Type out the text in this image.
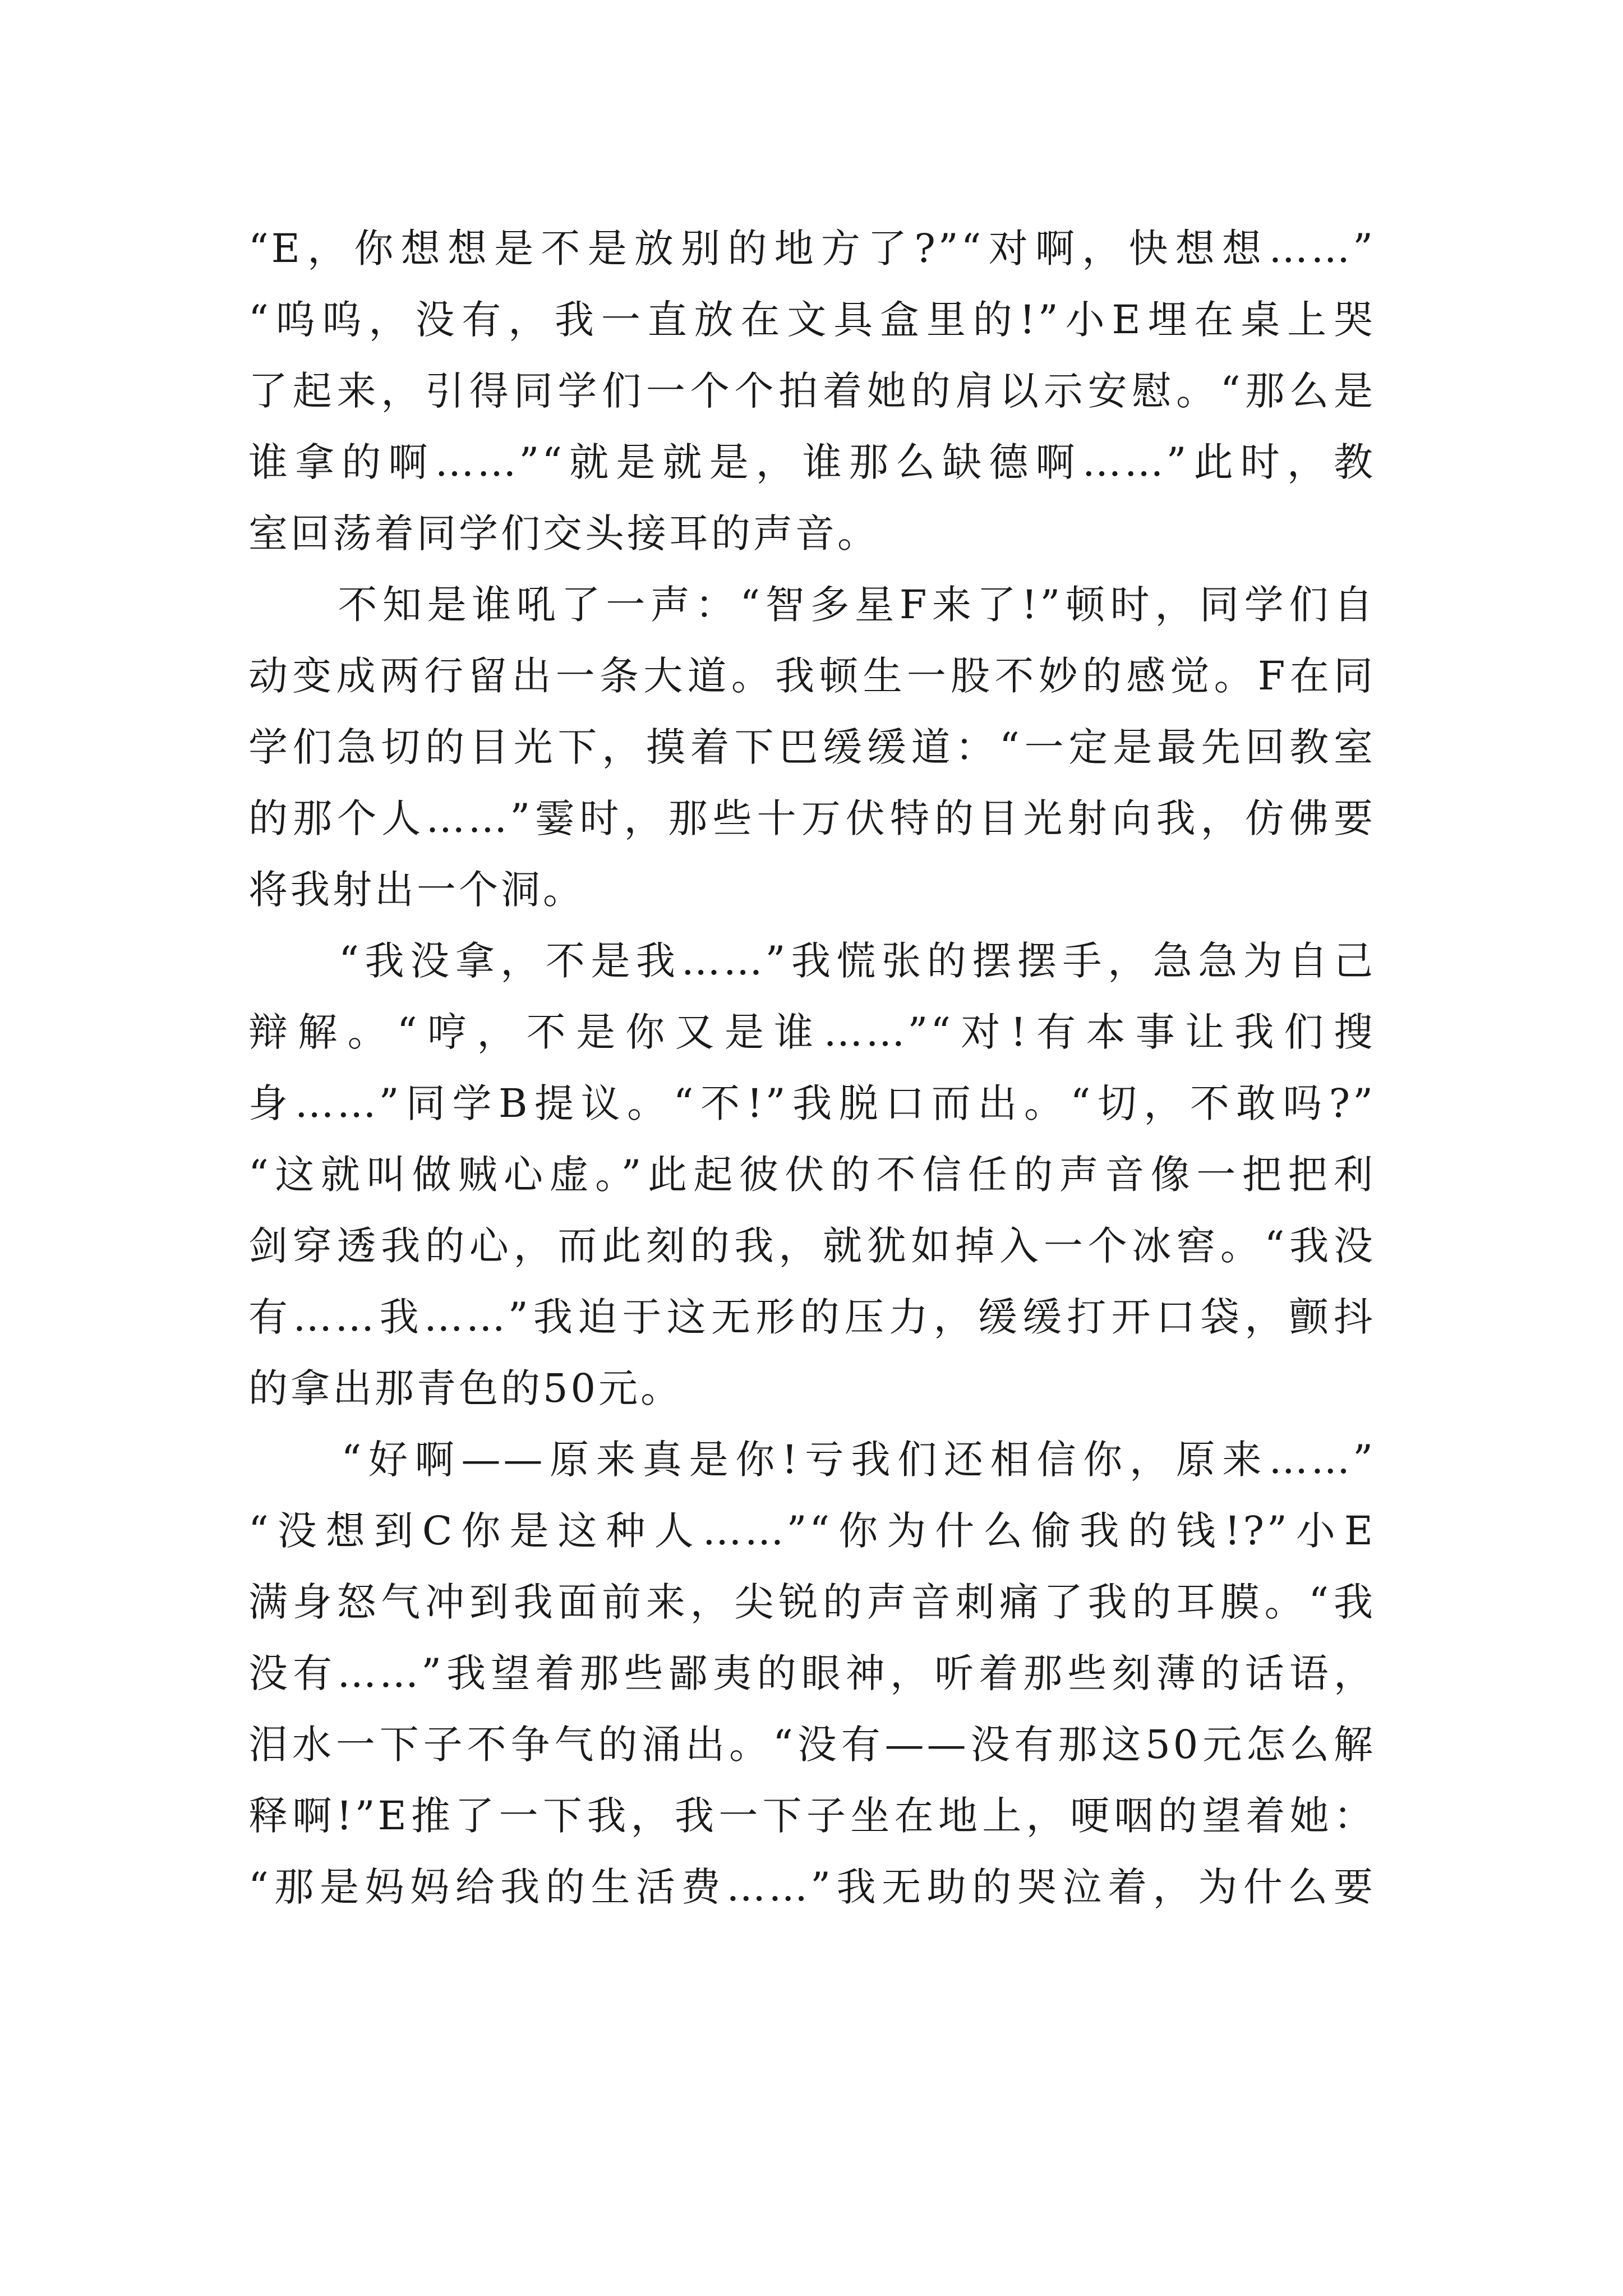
“E，你想想是不是放别的地方了?”“对啊，快想想……”
“呜呜，没有，我一直放在文具盒里的!”小E埋在桌上哭
了起来，引得同学们一个个拍着她的肩以示安慰。“那么是
谁拿的啊……”“就是就是，谁那么缺德啊……”此时，教
室回荡着同学们交头接耳的声音。
　　不知是谁吼了一声：“智多星F来了!”顿时，同学们自
动变成两行留出一条大道。我顿生一股不妙的感觉。F在同
学们急切的目光下，摸着下巴缓缓道：“一定是最先回教室
的那个人……”霎时，那些十万伏特的目光射向我，仿佛要
将我射出一个洞。
　　“我没拿，不是我……”我慌张的摆摆手，急急为自己
辩解。“哼，不是你又是谁……”“对!有本事让我们搜
身……”同学B提议。“不!”我脱口而出。“切，不敢吗?”
“这就叫做贼心虚。”此起彼伏的不信任的声音像一把把利
剑穿透我的心，而此刻的我，就犹如掉入一个冰窖。“我没
有……我……”我迫于这无形的压力，缓缓打开口袋，颤抖
的拿出那青色的50元。
　　“好啊——原来真是你!亏我们还相信你，原来……”
“没想到C你是这种人……”“你为什么偷我的钱!?”小E
满身怒气冲到我面前来，尖锐的声音刺痛了我的耳膜。“我
没有……”我望着那些鄙夷的眼神，听着那些刻薄的话语，
泪水一下子不争气的涌出。“没有——没有那这50元怎么解
释啊!”E推了一下我，我一下子坐在地上，哽咽的望着她：
“那是妈妈给我的生活费……”我无助的哭泣着，为什么要
